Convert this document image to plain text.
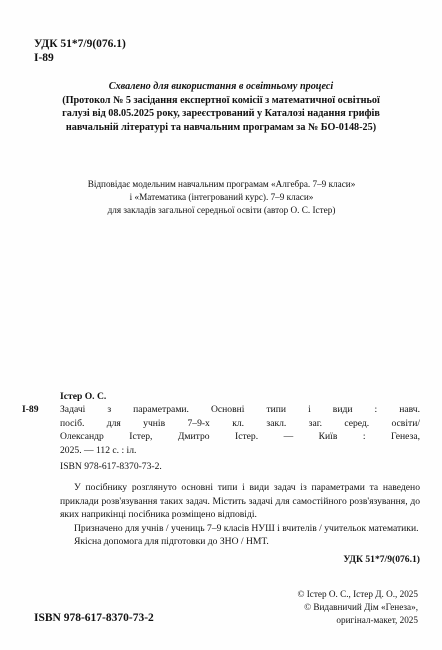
УДК 51*7/9(076.1)
І-89
Схвалено для використання в освітньому процесі
(Протокол № 5 засідання експертної комісії з математичної освітньої
галузі від 08.05.2025 року, зареєстрований у Каталозі надання грифів
навчальній літературі та навчальним програмам за № БО-0148-25)
Відповідає модельним навчальним програмам «Алгебра. 7–9 класи»
і «Математика (інтегрований курс). 7–9 класи»
для закладів загальної середньої освіти (автор О. С. Істер)
Істер О. С.
І-89	Задачі з параметрами. Основні типи і види : навч.
посіб. для учнів 7–9-х кл. закл. заг. серед. освіти/
Олександр Істер, Дмитро Істер. — Київ : Генеза,
2025. — 112 с. : іл.
ISBN 978-617-8370-73-2.

У посібнику розглянуто основні типи і види задач із параметрами та наведено приклади розв'язування таких задач. Містить задачі для самостійного розв'язування, до яких наприкінці посібника розміщено відповіді.

Призначено для учнів / учениць 7–9 класів НУШ і вчителів / учительок математики.

Якісна допомога для підготовки до ЗНО / НМТ.

УДК 51*7/9(076.1)
© Істер О. С., Істер Д. О., 2025
© Видавничий Дім «Генеза»,
оригінал-макет, 2025
ISBN 978-617-8370-73-2
